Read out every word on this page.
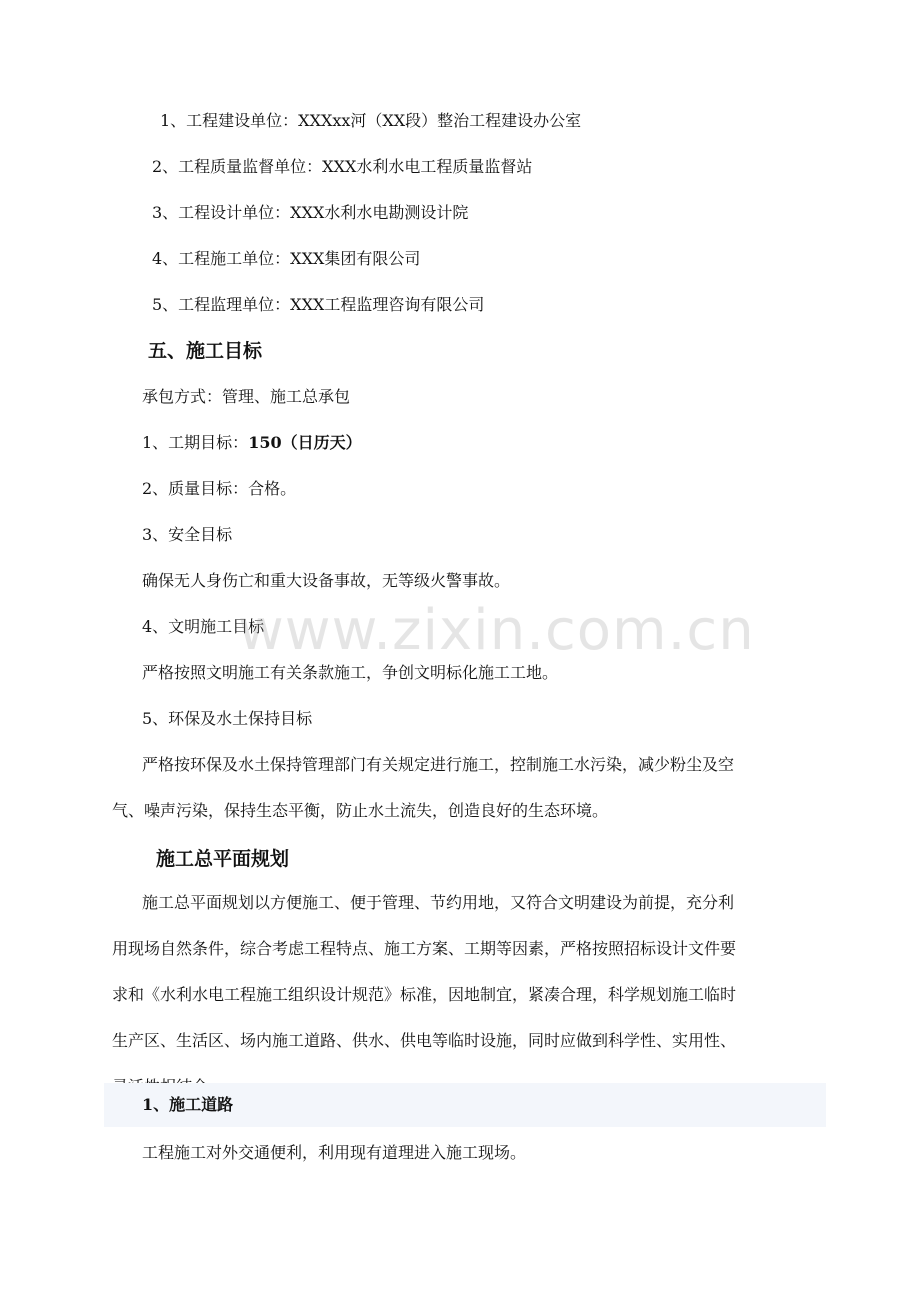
1、工程建设单位：XXXxx河（XX段）整治工程建设办公室
2、工程质量监督单位：XXX水利水电工程质量监督站
3、工程设计单位：XXX水利水电勘测设计院
4、工程施工单位：XXX集团有限公司
5、工程监理单位：XXX工程监理咨询有限公司
五、施工目标
承包方式：管理、施工总承包
1、工期目标：150（日历天）
2、质量目标：合格。
3、安全目标
确保无人身伤亡和重大设备事故，无等级火警事故。
4、文明施工目标
严格按照文明施工有关条款施工，争创文明标化施工工地。
5、环保及水土保持目标
严格按环保及水土保持管理部门有关规定进行施工，控制施工水污染，减少粉尘及空
气、噪声污染，保持生态平衡，防止水土流失，创造良好的生态环境。
施工总平面规划
施工总平面规划以方便施工、便于管理、节约用地，又符合文明建设为前提，充分利
用现场自然条件，综合考虑工程特点、施工方案、工期等因素，严格按照招标设计文件要
求和《水利水电工程施工组织设计规范》标准，因地制宜，紧凑合理，科学规划施工临时
生产区、生活区、场内施工道路、供水、供电等临时设施，同时应做到科学性、实用性、
1、施工道路
工程施工对外交通便利，利用现有道理进入施工现场。
www.zixin.com.cn
